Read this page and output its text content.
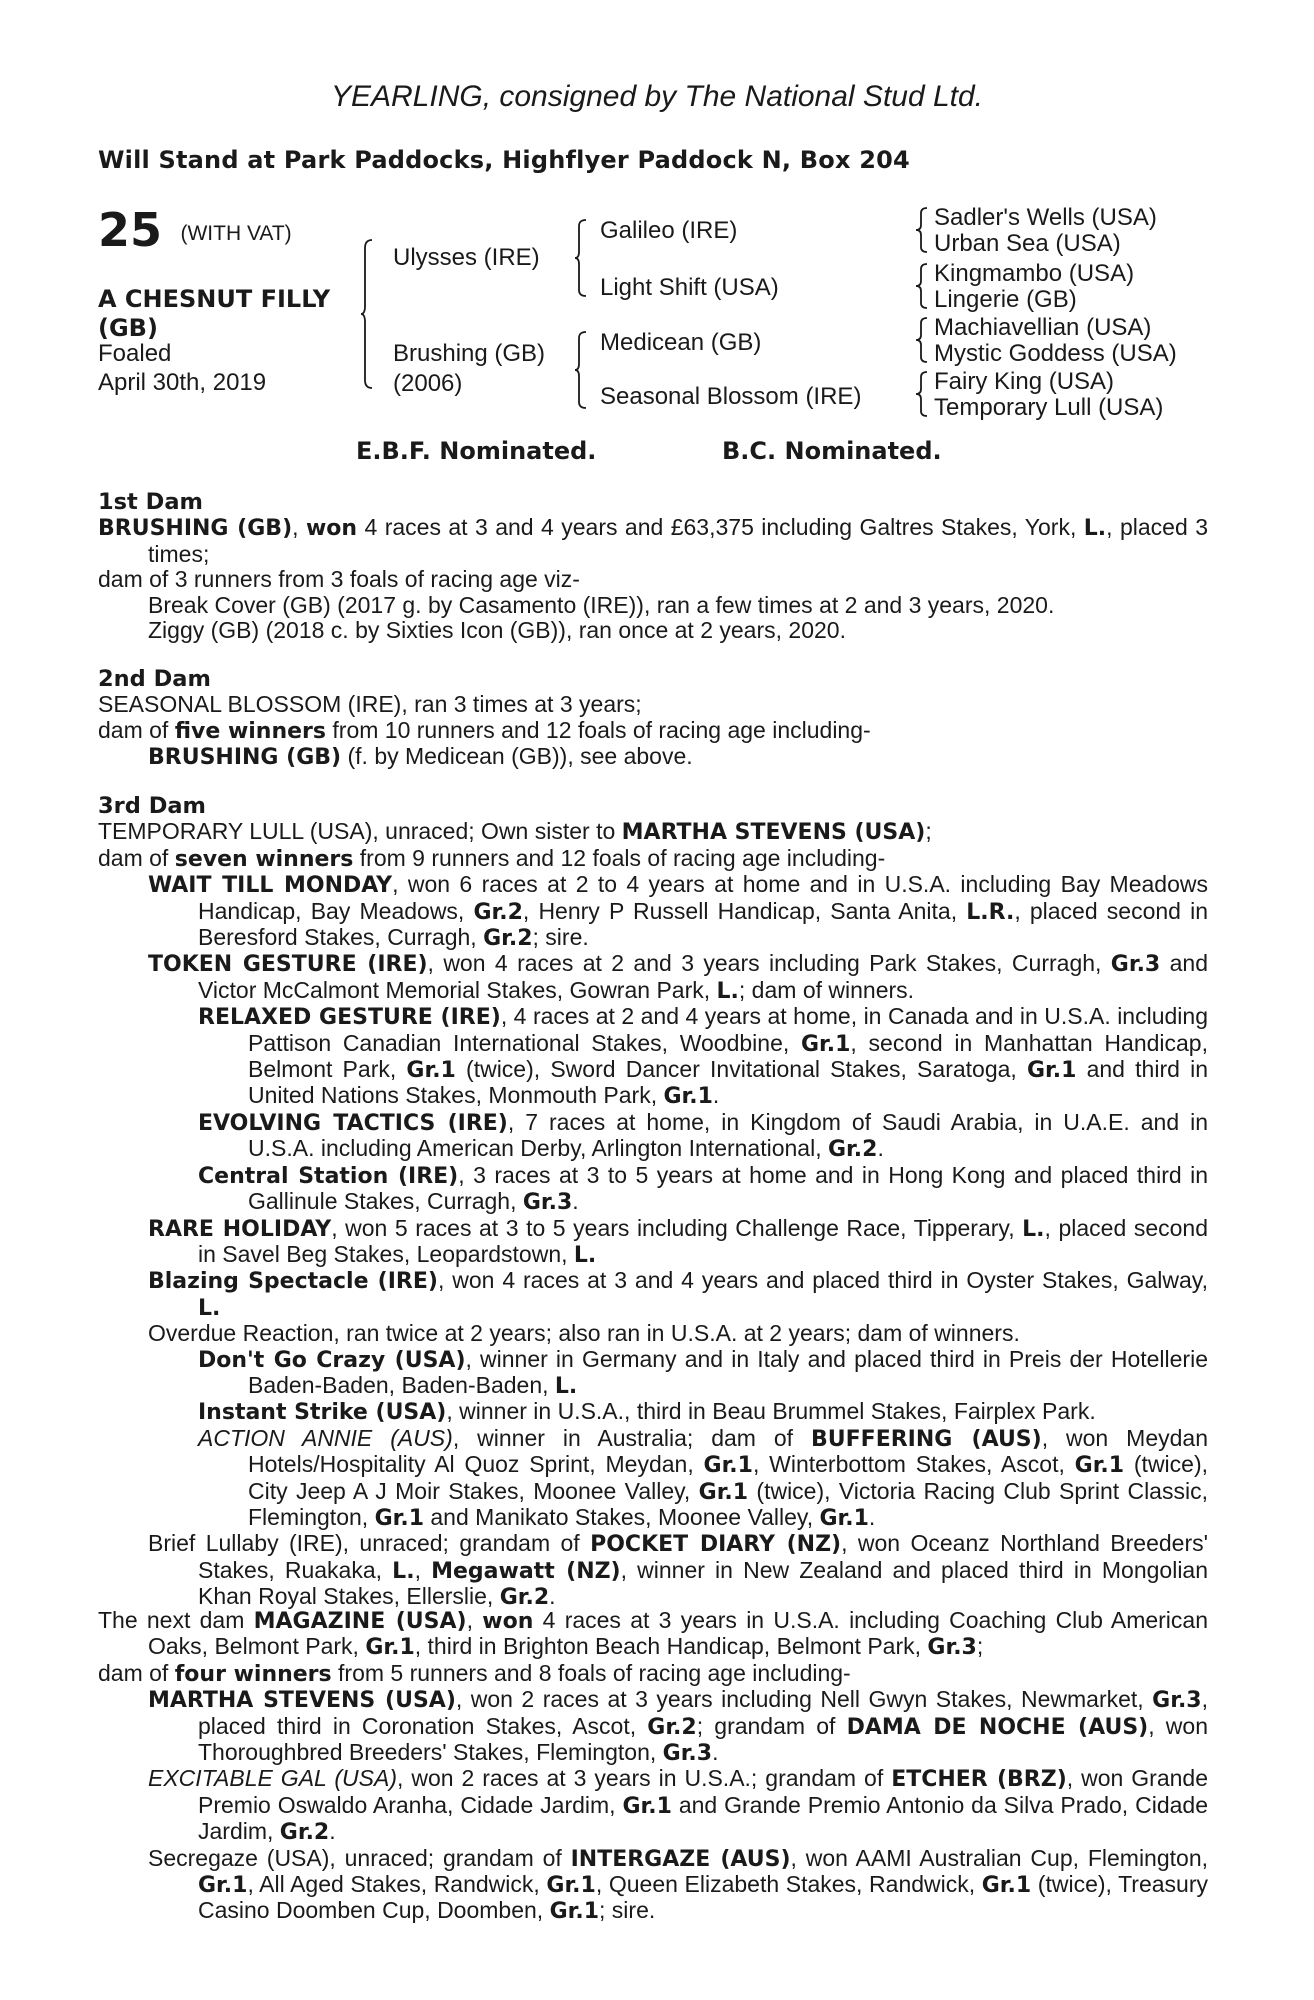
YEARLING, consigned by The National Stud Ltd.
Will Stand at Park Paddocks, Highflyer Paddock N, Box 204
25 (WITH VAT)
A CHESNUT FILLY
(GB)
Foaled
April 30th, 2019
Ulysses (IRE)
Brushing (GB)
(2006)
Galileo (IRE)
Light Shift (USA)
Medicean (GB)
Seasonal Blossom (IRE)
Sadler's Wells (USA)
Urban Sea (USA)
Kingmambo (USA)
Lingerie (GB)
Machiavellian (USA)
Mystic Goddess (USA)
Fairy King (USA)
Temporary Lull (USA)
E.B.F. Nominated.	B.C. Nominated.
1st Dam
BRUSHING (GB), won 4 races at 3 and 4 years and £63,375 including Galtres Stakes, York, L., placed 3 times;
dam of 3 runners from 3 foals of racing age viz-
Break Cover (GB) (2017 g. by Casamento (IRE)), ran a few times at 2 and 3 years, 2020.
Ziggy (GB) (2018 c. by Sixties Icon (GB)), ran once at 2 years, 2020.
2nd Dam
SEASONAL BLOSSOM (IRE), ran 3 times at 3 years;
dam of five winners from 10 runners and 12 foals of racing age including-
BRUSHING (GB) (f. by Medicean (GB)), see above.
3rd Dam
TEMPORARY LULL (USA), unraced; Own sister to MARTHA STEVENS (USA);
dam of seven winners from 9 runners and 12 foals of racing age including-
WAIT TILL MONDAY, won 6 races at 2 to 4 years at home and in U.S.A. including Bay Meadows Handicap, Bay Meadows, Gr.2, Henry P Russell Handicap, Santa Anita, L.R., placed second in Beresford Stakes, Curragh, Gr.2; sire.
TOKEN GESTURE (IRE), won 4 races at 2 and 3 years including Park Stakes, Curragh, Gr.3 and Victor McCalmont Memorial Stakes, Gowran Park, L.; dam of winners.
RELAXED GESTURE (IRE), 4 races at 2 and 4 years at home, in Canada and in U.S.A. including Pattison Canadian International Stakes, Woodbine, Gr.1, second in Manhattan Handicap, Belmont Park, Gr.1 (twice), Sword Dancer Invitational Stakes, Saratoga, Gr.1 and third in United Nations Stakes, Monmouth Park, Gr.1.
EVOLVING TACTICS (IRE), 7 races at home, in Kingdom of Saudi Arabia, in U.A.E. and in U.S.A. including American Derby, Arlington International, Gr.2.
Central Station (IRE), 3 races at 3 to 5 years at home and in Hong Kong and placed third in Gallinule Stakes, Curragh, Gr.3.
RARE HOLIDAY, won 5 races at 3 to 5 years including Challenge Race, Tipperary, L., placed second in Savel Beg Stakes, Leopardstown, L.
Blazing Spectacle (IRE), won 4 races at 3 and 4 years and placed third in Oyster Stakes, Galway, L.
Overdue Reaction, ran twice at 2 years; also ran in U.S.A. at 2 years; dam of winners.
Don't Go Crazy (USA), winner in Germany and in Italy and placed third in Preis der Hotellerie Baden-Baden, Baden-Baden, L.
Instant Strike (USA), winner in U.S.A., third in Beau Brummel Stakes, Fairplex Park.
ACTION ANNIE (AUS), winner in Australia; dam of BUFFERING (AUS), won Meydan Hotels/Hospitality Al Quoz Sprint, Meydan, Gr.1, Winterbottom Stakes, Ascot, Gr.1 (twice), City Jeep A J Moir Stakes, Moonee Valley, Gr.1 (twice), Victoria Racing Club Sprint Classic, Flemington, Gr.1 and Manikato Stakes, Moonee Valley, Gr.1.
Brief Lullaby (IRE), unraced; grandam of POCKET DIARY (NZ), won Oceanz Northland Breeders' Stakes, Ruakaka, L., Megawatt (NZ), winner in New Zealand and placed third in Mongolian Khan Royal Stakes, Ellerslie, Gr.2.
The next dam MAGAZINE (USA), won 4 races at 3 years in U.S.A. including Coaching Club American Oaks, Belmont Park, Gr.1, third in Brighton Beach Handicap, Belmont Park, Gr.3;
dam of four winners from 5 runners and 8 foals of racing age including-
MARTHA STEVENS (USA), won 2 races at 3 years including Nell Gwyn Stakes, Newmarket, Gr.3, placed third in Coronation Stakes, Ascot, Gr.2; grandam of DAMA DE NOCHE (AUS), won Thoroughbred Breeders' Stakes, Flemington, Gr.3.
EXCITABLE GAL (USA), won 2 races at 3 years in U.S.A.; grandam of ETCHER (BRZ), won Grande Premio Oswaldo Aranha, Cidade Jardim, Gr.1 and Grande Premio Antonio da Silva Prado, Cidade Jardim, Gr.2.
Secregaze (USA), unraced; grandam of INTERGAZE (AUS), won AAMI Australian Cup, Flemington, Gr.1, All Aged Stakes, Randwick, Gr.1, Queen Elizabeth Stakes, Randwick, Gr.1 (twice), Treasury Casino Doomben Cup, Doomben, Gr.1; sire.
